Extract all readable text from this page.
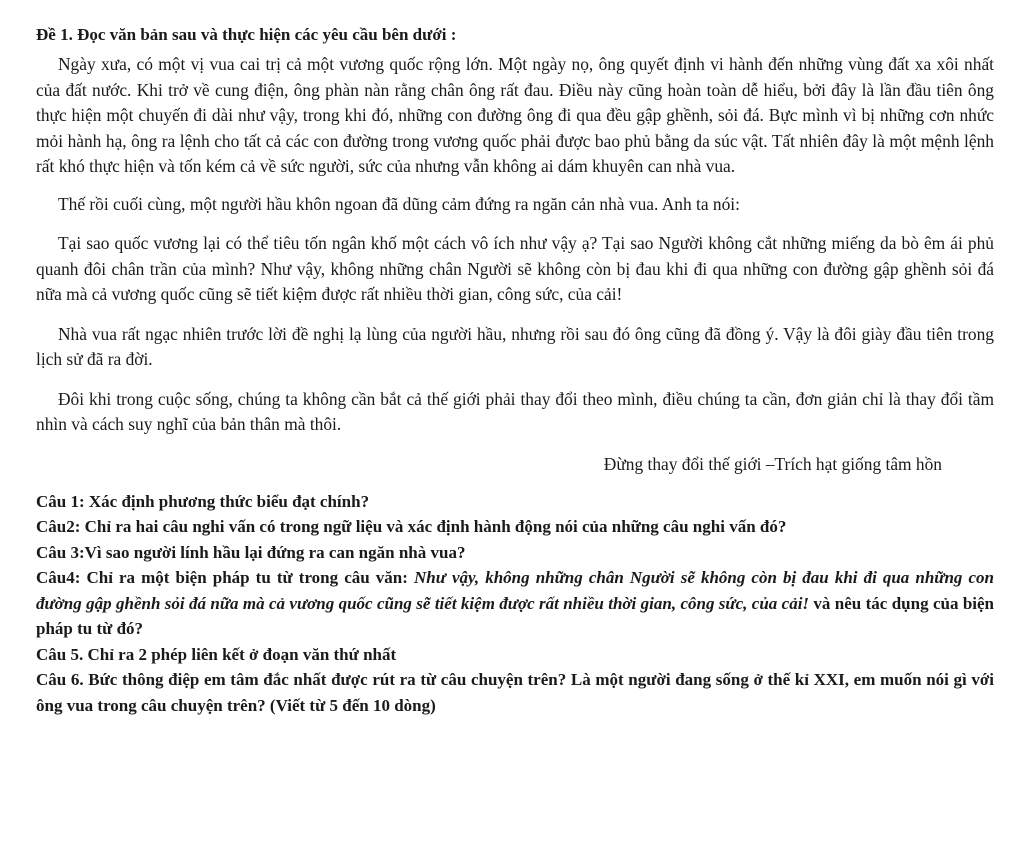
Đề 1. Đọc văn bản sau và thực hiện các yêu cầu bên dưới :

Ngày xưa, có một vị vua cai trị cả một vương quốc rộng lớn. Một ngày nọ, ông quyết định vi hành đến những vùng đất xa xôi nhất của đất nước. Khi trở về cung điện, ông phàn nàn rằng chân ông rất đau. Điều này cũng hoàn toàn dễ hiểu, bởi đây là lần đầu tiên ông thực hiện một chuyến đi dài như vậy, trong khi đó, những con đường ông đi qua đều gập ghềnh, sỏi đá. Bực mình vì bị những cơn nhức mỏi hành hạ, ông ra lệnh cho tất cả các con đường trong vương quốc phải được bao phủ bằng da súc vật. Tất nhiên đây là một mệnh lệnh rất khó thực hiện và tốn kém cả về sức người, sức của nhưng vẫn không ai dám khuyên can nhà vua.

Thế rồi cuối cùng, một người hầu khôn ngoan đã dũng cảm đứng ra ngăn cản nhà vua. Anh ta nói:

Tại sao quốc vương lại có thể tiêu tốn ngân khố một cách vô ích như vậy ạ? Tại sao Người không cắt những miếng da bò êm ái phủ quanh đôi chân trần của mình? Như vậy, không những chân Người sẽ không còn bị đau khi đi qua những con đường gập ghềnh sỏi đá nữa mà cả vương quốc cũng sẽ tiết kiệm được rất nhiều thời gian, công sức, của cải!

Nhà vua rất ngạc nhiên trước lời đề nghị lạ lùng của người hầu, nhưng rồi sau đó ông cũng đã đồng ý. Vậy là đôi giày đầu tiên trong lịch sử đã ra đời.

Đôi khi trong cuộc sống, chúng ta không cần bắt cả thế giới phải thay đổi theo mình, điều chúng ta cần, đơn giản chỉ là thay đổi tầm nhìn và cách suy nghĩ của bản thân mà thôi.

Đừng thay đổi thế giới –Trích hạt giống tâm hồn
Câu 1: Xác định phương thức biểu đạt chính?
Câu2: Chỉ ra hai câu nghi vấn có trong ngữ liệu và xác định hành động nói của những câu nghi vấn đó?
Câu 3:Vì sao người lính hầu lại đứng ra can ngăn nhà vua?
Câu4: Chỉ ra một biện pháp tu từ trong câu văn: Như vậy, không những chân Người sẽ không còn bị đau khi đi qua những con đường gập ghềnh sỏi đá nữa mà cả vương quốc cũng sẽ tiết kiệm được rất nhiều thời gian, công sức, của cải! và nêu tác dụng của biện pháp tu từ đó?
Câu 5. Chỉ ra 2 phép liên kết ở đoạn văn thứ nhất
Câu 6. Bức thông điệp em tâm đắc nhất được rút ra từ câu chuyện trên? Là một người đang sống ở thế kỉ XXI, em muốn nói gì với ông vua trong câu chuyện trên? (Viết từ 5 đến 10 dòng)
